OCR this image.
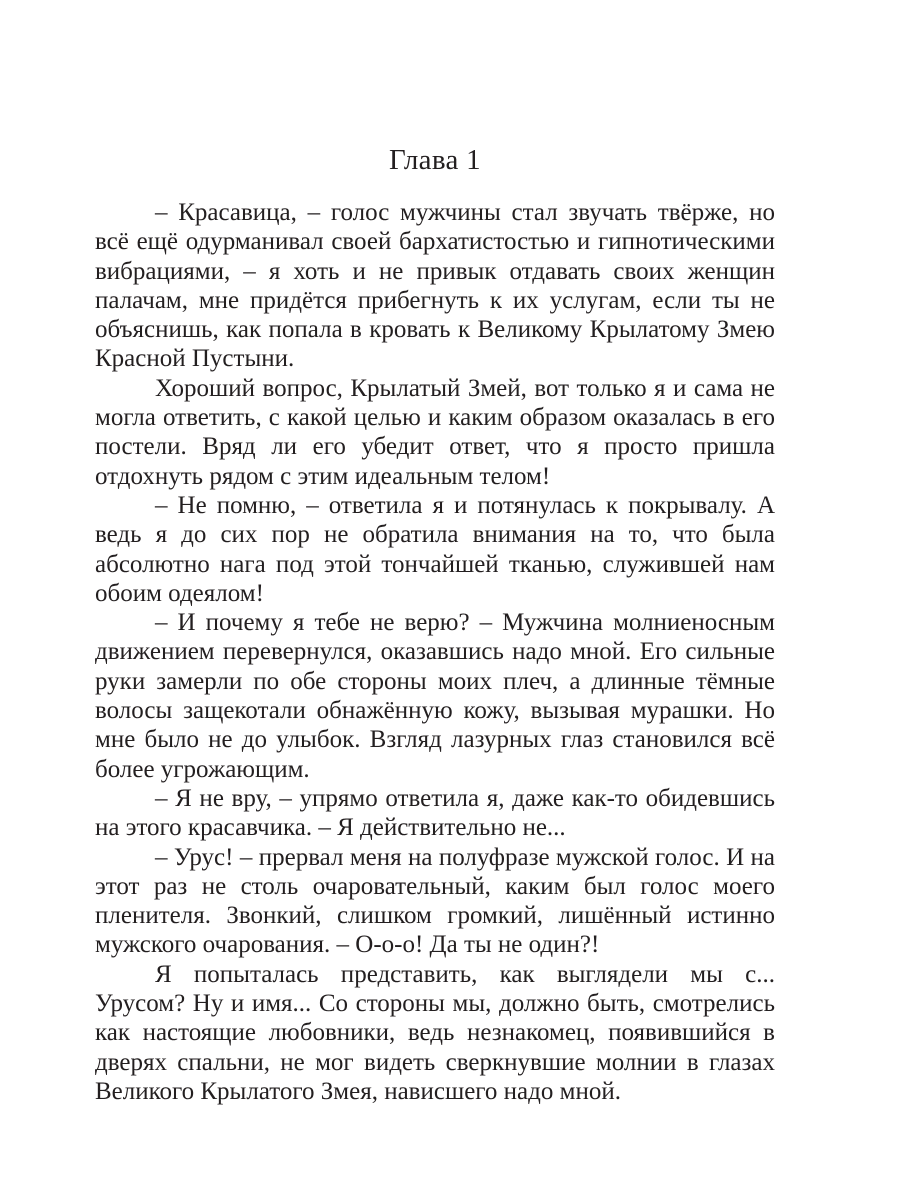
Глава 1

– Красавица, – голос мужчины стал звучать твёрже, но всё ещё одурманивал своей бархатистостью и гипнотическими вибрациями, – я хоть и не привык отдавать своих женщин палачам, мне придётся прибегнуть к их услугам, если ты не объяснишь, как попала в кровать к Великому Крылатому Змею Красной Пустыни.

Хороший вопрос, Крылатый Змей, вот только я и сама не могла ответить, с какой целью и каким образом оказалась в его постели. Вряд ли его убедит ответ, что я просто пришла отдохнуть рядом с этим идеальным телом!

– Не помню, – ответила я и потянулась к покрывалу. А ведь я до сих пор не обратила внимания на то, что была абсолютно нага под этой тончайшей тканью, служившей нам обоим одеялом!

– И почему я тебе не верю? – Мужчина молниеносным движением перевернулся, оказавшись надо мной. Его сильные руки замерли по обе стороны моих плеч, а длинные тёмные волосы защекотали обнажённую кожу, вызывая мурашки. Но мне было не до улыбок. Взгляд лазурных глаз становился всё более угрожающим.

– Я не вру, – упрямо ответила я, даже как-то обидевшись на этого красавчика. – Я действительно не...

– Урус! – прервал меня на полуфразе мужской голос. И на этот раз не столь очаровательный, каким был голос моего пленителя. Звонкий, слишком громкий, лишённый истинно мужского очарования. – О-о-о! Да ты не один?!

Я попыталась представить, как выглядели мы с... Урусом? Ну и имя... Со стороны мы, должно быть, смотрелись как настоящие любовники, ведь незнакомец, появившийся в дверях спальни, не мог видеть сверкнувшие молнии в глазах Великого Крылатого Змея, нависшего надо мной.
